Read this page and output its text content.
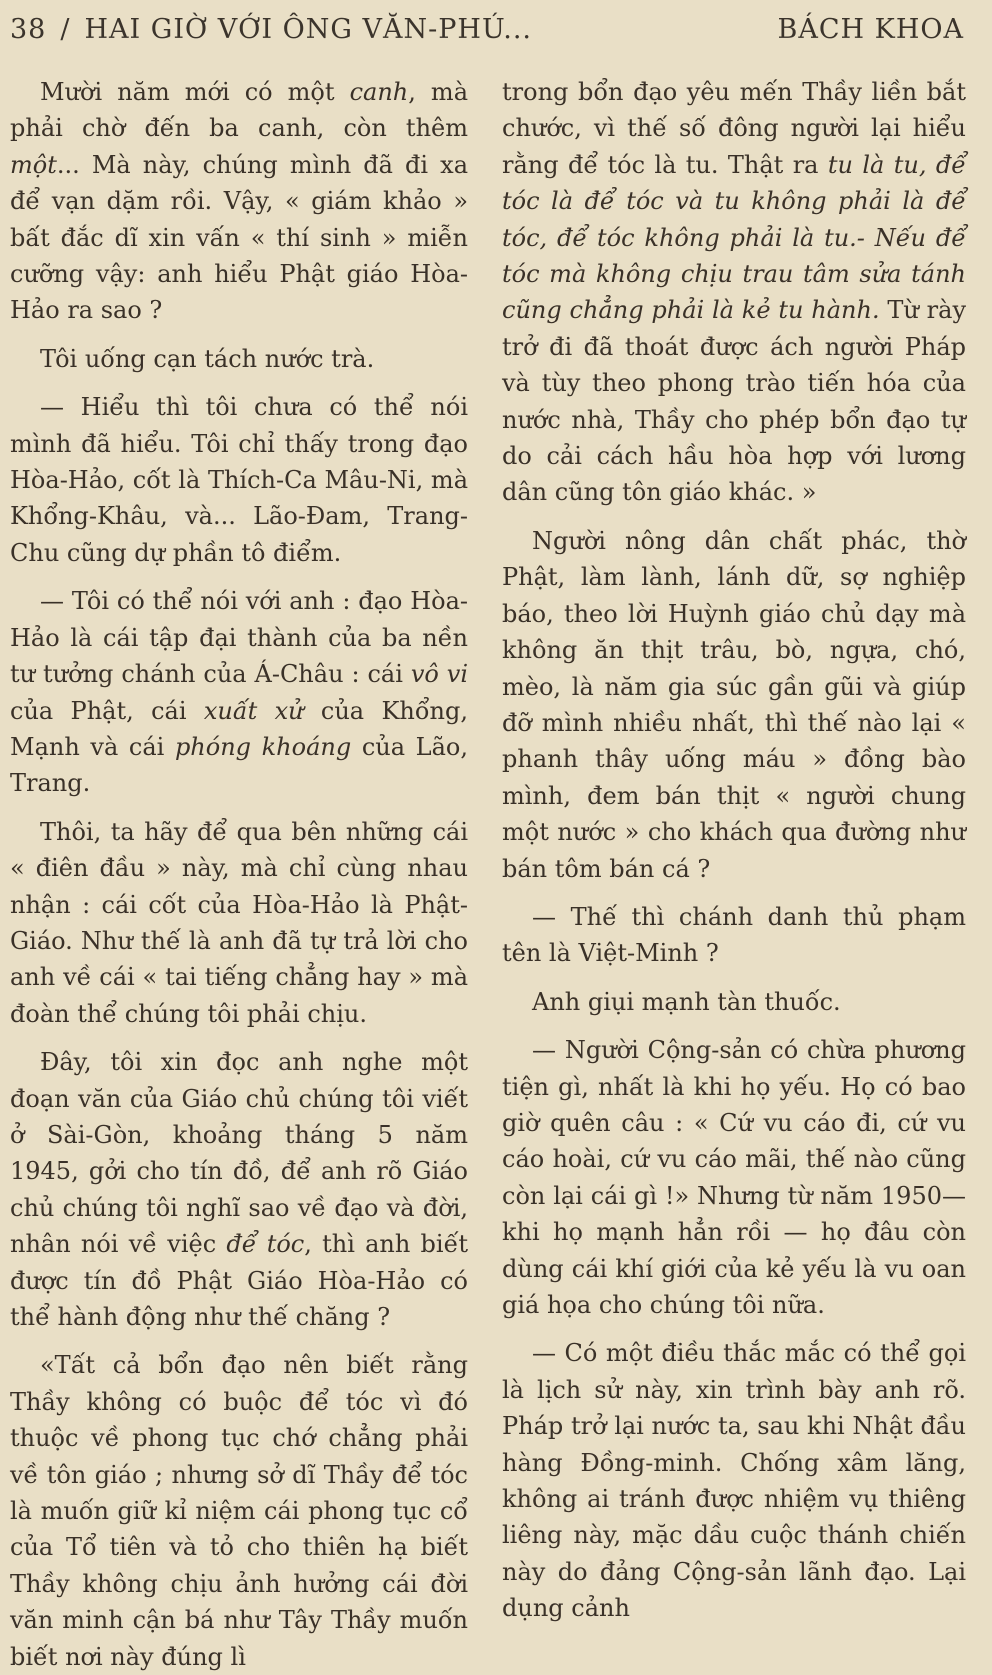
38 / HAI GIỜ VỚI ÔNG VĂN-PHÚ...	BÁCH KHOA

Mười năm mới có một canh, mà phải chờ đến ba canh, còn thêm một... Mà này, chúng mình đã đi xa để vạn dặm rồi. Vậy, « giám khảo » bất đắc dĩ xin vấn « thí sinh » miễn cưỡng vậy: anh hiểu Phật giáo Hòa-Hảo ra sao ?

Tôi uống cạn tách nước trà.

— Hiểu thì tôi chưa có thể nói mình đã hiểu. Tôi chỉ thấy trong đạo Hòa-Hảo, cốt là Thích-Ca Mâu-Ni, mà Khổng-Khâu, và... Lão-Đam, Trang-Chu cũng dự phần tô điểm.

— Tôi có thể nói với anh : đạo Hòa-Hảo là cái tập đại thành của ba nền tư tưởng chánh của Á-Châu : cái vô vi của Phật, cái xuất xử của Khổng, Mạnh và cái phóng khoáng của Lão, Trang.

Thôi, ta hãy để qua bên những cái « điên đầu » này, mà chỉ cùng nhau nhận : cái cốt của Hòa-Hảo là Phật-Giáo. Như thế là anh đã tự trả lời cho anh về cái « tai tiếng chẳng hay » mà đoàn thể chúng tôi phải chịu.

Đây, tôi xin đọc anh nghe một đoạn văn của Giáo chủ chúng tôi viết ở Sài-Gòn, khoảng tháng 5 năm 1945, gởi cho tín đồ, để anh rõ Giáo chủ chúng tôi nghĩ sao về đạo và đời, nhân nói về việc để tóc, thì anh biết được tín đồ Phật Giáo Hòa-Hảo có thể hành động như thế chăng ?

«Tất cả bổn đạo nên biết rằng Thầy không có buộc để tóc vì đó thuộc về phong tục chớ chẳng phải về tôn giáo ; nhưng sở dĩ Thầy để tóc là muốn giữ kỉ niệm cái phong tục cổ của Tổ tiên và tỏ cho thiên hạ biết Thầy không chịu ảnh hưởng cái đời văn minh cận bá như Tây Thầy muốn biết nơi này đúng lì

trong bổn đạo yêu mến Thầy liền bắt chước, vì thế số đông người lại hiểu rằng để tóc là tu. Thật ra tu là tu, để tóc là để tóc và tu không phải là để tóc, để tóc không phải là tu.- Nếu để tóc mà không chịu trau tâm sửa tánh cũng chẳng phải là kẻ tu hành. Từ rày trở đi đã thoát được ách người Pháp và tùy theo phong trào tiến hóa của nước nhà, Thầy cho phép bổn đạo tự do cải cách hầu hòa hợp với lương dân cũng tôn giáo khác. »

Người nông dân chất phác, thờ Phật, làm lành, lánh dữ, sợ nghiệp báo, theo lời Huỳnh giáo chủ dạy mà không ăn thịt trâu, bò, ngựa, chó, mèo, là năm gia súc gần gũi và giúp đỡ mình nhiều nhất, thì thế nào lại « phanh thây uống máu » đồng bào mình, đem bán thịt « người chung một nước » cho khách qua đường như bán tôm bán cá ?

— Thế thì chánh danh thủ phạm tên là Việt-Minh ?

Anh giụi mạnh tàn thuốc.

— Người Cộng-sản có chừa phương tiện gì, nhất là khi họ yếu. Họ có bao giờ quên câu : « Cứ vu cáo đi, cứ vu cáo hoài, cứ vu cáo mãi, thế nào cũng còn lại cái gì !» Nhưng từ năm 1950— khi họ mạnh hẳn rồi — họ đâu còn dùng cái khí giới của kẻ yếu là vu oan giá họa cho chúng tôi nữa.

— Có một điều thắc mắc có thể gọi là lịch sử này, xin trình bày anh rõ. Pháp trở lại nước ta, sau khi Nhật đầu hàng Đồng-minh. Chống xâm lăng, không ai tránh được nhiệm vụ thiêng liêng này, mặc dầu cuộc thánh chiến này do đảng Cộng-sản lãnh đạo. Lại dụng cảnh
